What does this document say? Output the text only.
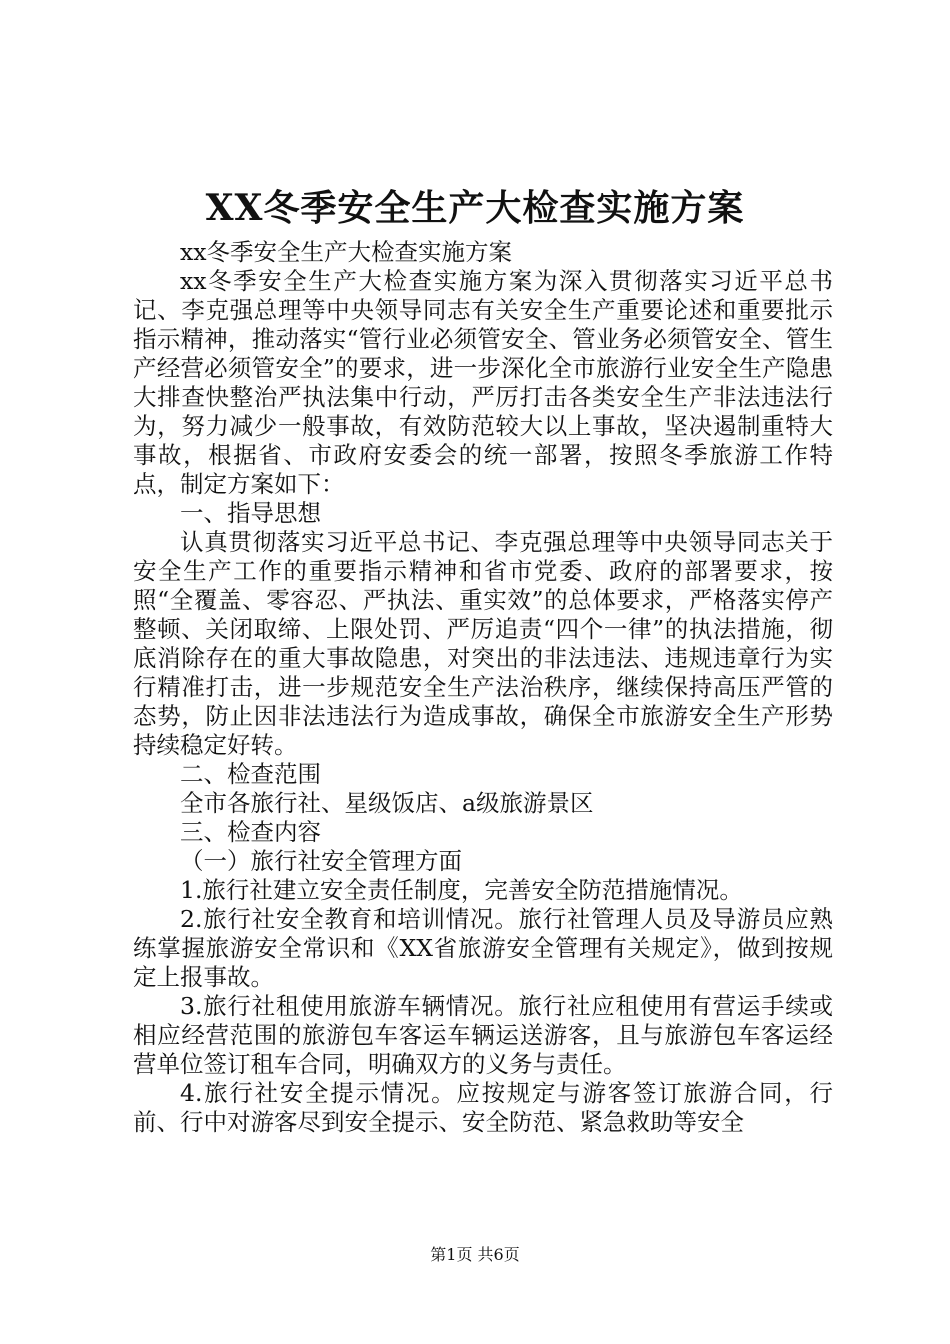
XX冬季安全生产大检查实施方案

xx冬季安全生产大检查实施方案

xx冬季安全生产大检查实施方案为深入贯彻落实习近平总书记、李克强总理等中央领导同志有关安全生产重要论述和重要批示指示精神，推动落实“管行业必须管安全、管业务必须管安全、管生产经营必须管安全”的要求，进一步深化全市旅游行业安全生产隐患大排查快整治严执法集中行动，严厉打击各类安全生产非法违法行为，努力减少一般事故，有效防范较大以上事故，坚决遏制重特大事故，根据省、市政府安委会的统一部署，按照冬季旅游工作特点，制定方案如下：

一、指导思想

认真贯彻落实习近平总书记、李克强总理等中央领导同志关于安全生产工作的重要指示精神和省市党委、政府的部署要求，按照“全覆盖、零容忍、严执法、重实效”的总体要求，严格落实停产整顿、关闭取缔、上限处罚、严厉追责“四个一律”的执法措施，彻底消除存在的重大事故隐患，对突出的非法违法、违规违章行为实行精准打击，进一步规范安全生产法治秩序，继续保持高压严管的态势，防止因非法违法行为造成事故，确保全市旅游安全生产形势持续稳定好转。

二、检查范围

全市各旅行社、星级饭店、a级旅游景区

三、检查内容

（一）旅行社安全管理方面

1.旅行社建立安全责任制度，完善安全防范措施情况。

2.旅行社安全教育和培训情况。旅行社管理人员及导游员应熟练掌握旅游安全常识和《XX省旅游安全管理有关规定》，做到按规定上报事故。

3.旅行社租使用旅游车辆情况。旅行社应租使用有营运手续或相应经营范围的旅游包车客运车辆运送游客，且与旅游包车客运经营单位签订租车合同，明确双方的义务与责任。

4.旅行社安全提示情况。应按规定与游客签订旅游合同，行前、行中对游客尽到安全提示、安全防范、紧急救助等安全

第1页 共6页
